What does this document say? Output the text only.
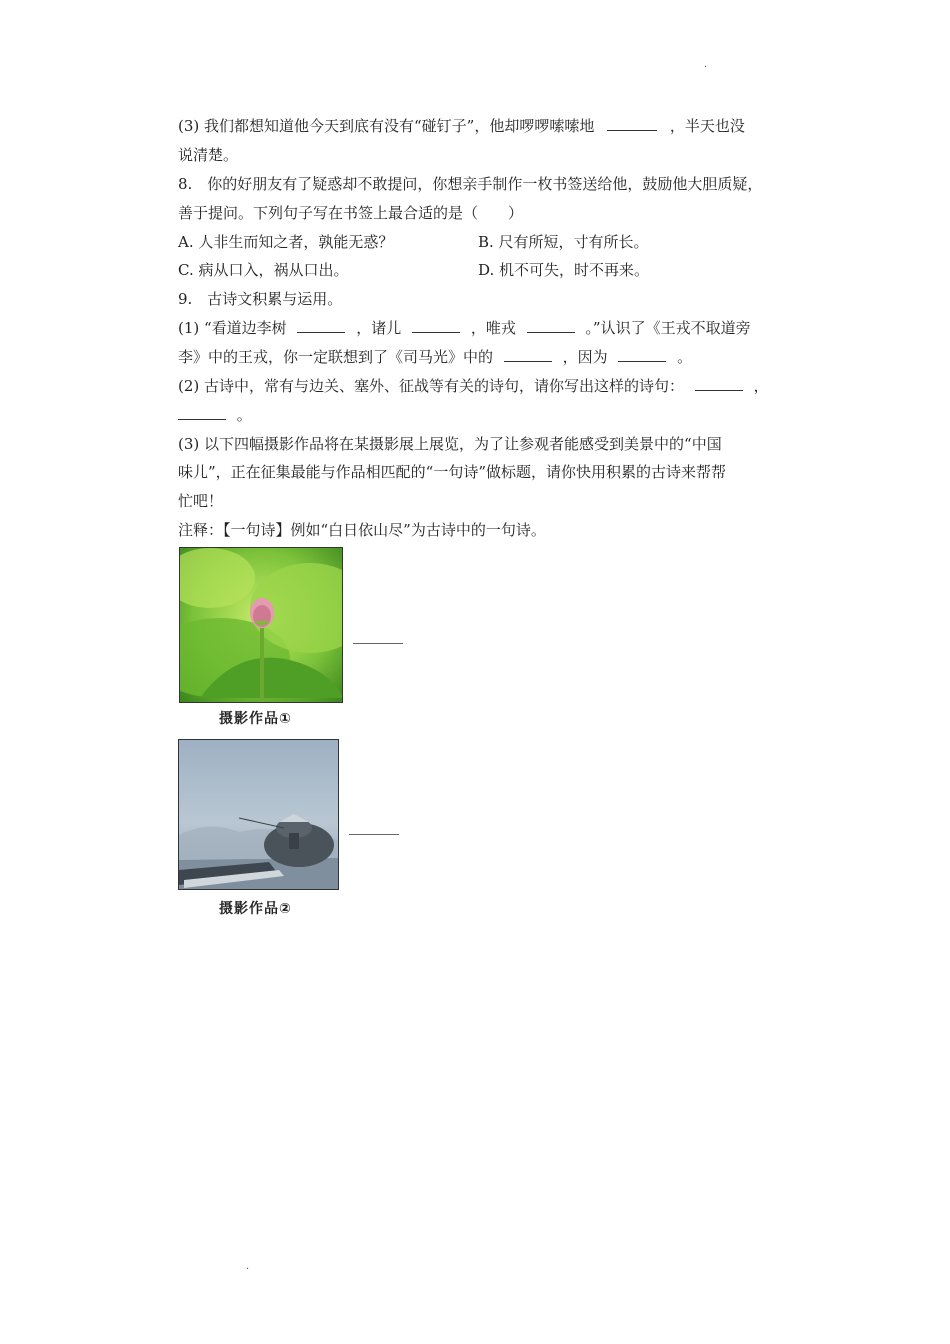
·
(3) 我们都想知道他今天到底有没有“碰钉子”，他却啰啰嗦嗦地	，半天也没
说清楚。
8.　你的好朋友有了疑惑却不敢提问，你想亲手制作一枚书签送给他，鼓励他大胆质疑，
善于提问。下列句子写在书签上最合适的是（　　）
A. 人非生而知之者，孰能无惑？	B. 尺有所短，寸有所长。
C. 病从口入，祸从口出。	D. 机不可失，时不再来。
9.　古诗文积累与运用。
(1) “看道边李树	，诸儿	，唯戎	。”认识了《王戎不取道旁
李》中的王戎，你一定联想到了《司马光》中的	，因为	。
(2) 古诗中，常有与边关、塞外、征战等有关的诗句，请你写出这样的诗句：	，
。
(3) 以下四幅摄影作品将在某摄影展上展览，为了让参观者能感受到美景中的“中国
味儿”，正在征集最能与作品相匹配的“一句诗”做标题，请你快用积累的古诗来帮帮
忙吧！
注释：【一句诗】例如“白日依山尽”为古诗中的一句诗。
摄影作品①
摄影作品②
·
